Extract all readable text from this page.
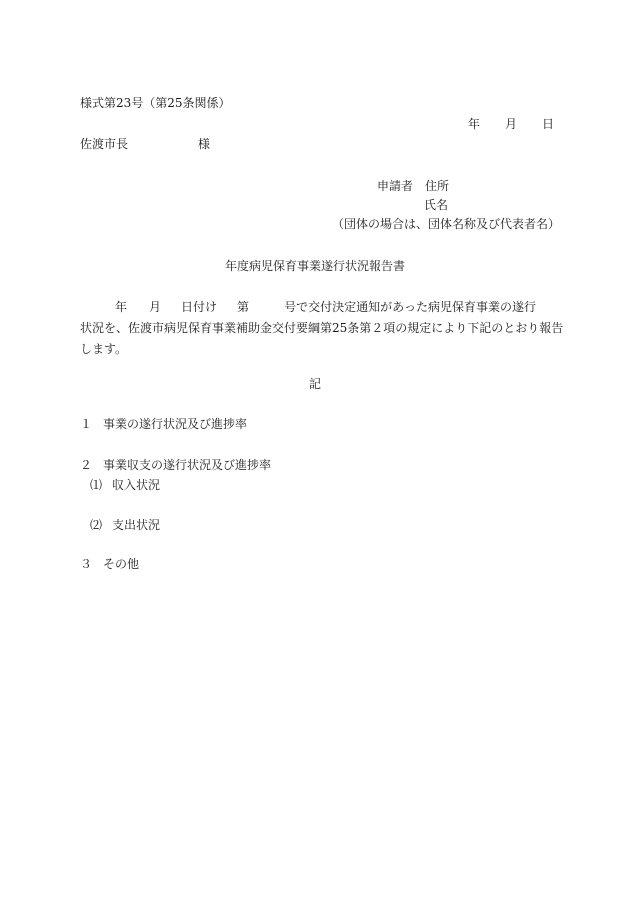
様式第23号（第25条関係）
年 月 日
佐渡市長	様
申請者 住所
氏名
（団体の場合は、団体名称及び代表者名）
年度病児保育事業遂行状況報告書
年 月 日付け 第	号で交付決定通知があった病児保育事業の遂行
状況を、佐渡市病児保育事業補助金交付要綱第25条第２項の規定により下記のとおり報告
します。
記
１ 事業の遂行状況及び進捗率
２ 事業収支の遂行状況及び進捗率
⑴ 収入状況
⑵ 支出状況
３ その他
